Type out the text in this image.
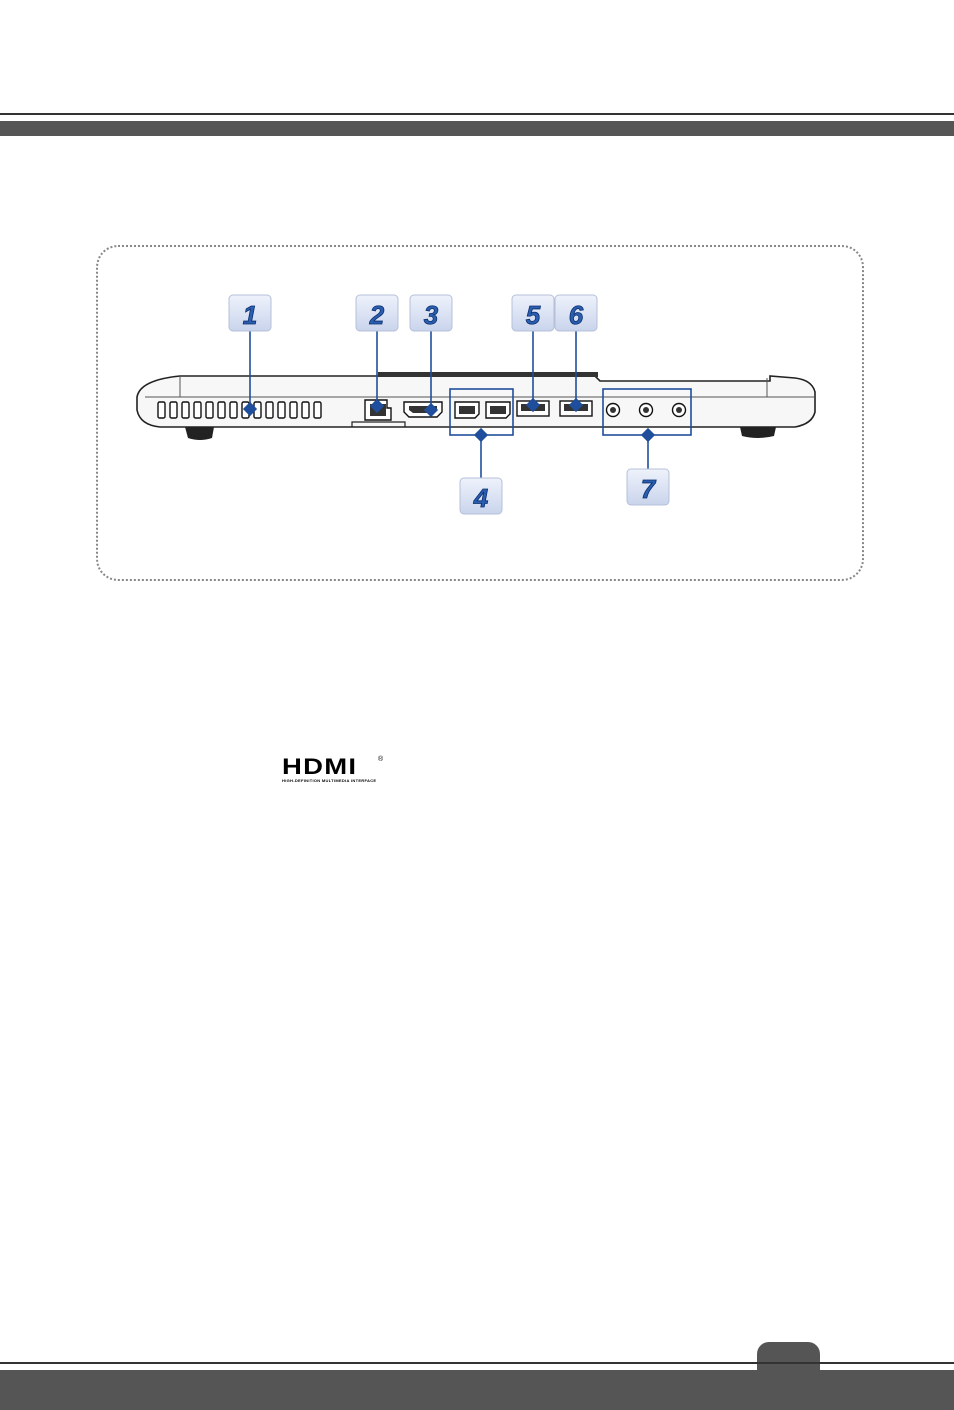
1	2 3
4
5 6
7
HDMI	®
HIGH-DEFINITION MULTIMEDIA INTERFACE
